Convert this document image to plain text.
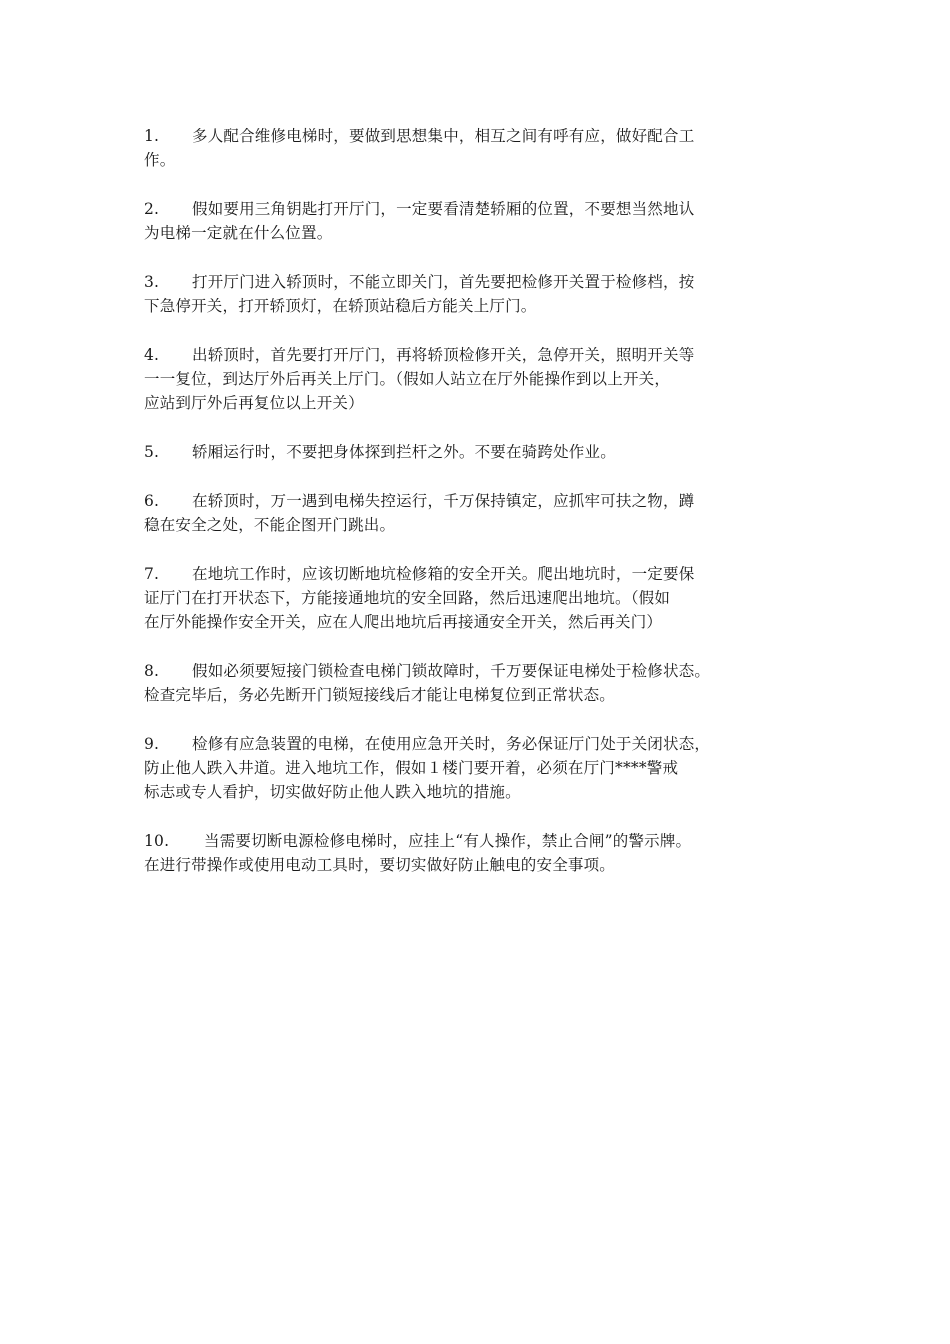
1. 多人配合维修电梯时，要做到思想集中，相互之间有呼有应，做好配合工
作。
2. 假如要用三角钥匙打开厅门，一定要看清楚轿厢的位置，不要想当然地认
为电梯一定就在什么位置。
3. 打开厅门进入轿顶时，不能立即关门，首先要把检修开关置于检修档，按
下急停开关，打开轿顶灯，在轿顶站稳后方能关上厅门。
4. 出轿顶时，首先要打开厅门，再将轿顶检修开关，急停开关，照明开关等
一一复位，到达厅外后再关上厅门。（假如人站立在厅外能操作到以上开关，
应站到厅外后再复位以上开关）
5. 轿厢运行时，不要把身体探到拦杆之外。不要在骑跨处作业。
6. 在轿顶时，万一遇到电梯失控运行，千万保持镇定，应抓牢可扶之物，蹲
稳在安全之处，不能企图开门跳出。
7. 在地坑工作时，应该切断地坑检修箱的安全开关。爬出地坑时，一定要保
证厅门在打开状态下，方能接通地坑的安全回路，然后迅速爬出地坑。（假如
在厅外能操作安全开关，应在人爬出地坑后再接通安全开关，然后再关门）
8. 假如必须要短接门锁检查电梯门锁故障时，千万要保证电梯处于检修状态。
检查完毕后，务必先断开门锁短接线后才能让电梯复位到正常状态。
9. 检修有应急装置的电梯，在使用应急开关时，务必保证厅门处于关闭状态，
防止他人跌入井道。进入地坑工作，假如１楼门要开着，必须在厅门****警戒
标志或专人看护，切实做好防止他人跌入地坑的措施。
10. 当需要切断电源检修电梯时，应挂上“有人操作，禁止合闸”的警示牌。
在进行带操作或使用电动工具时，要切实做好防止触电的安全事项。
